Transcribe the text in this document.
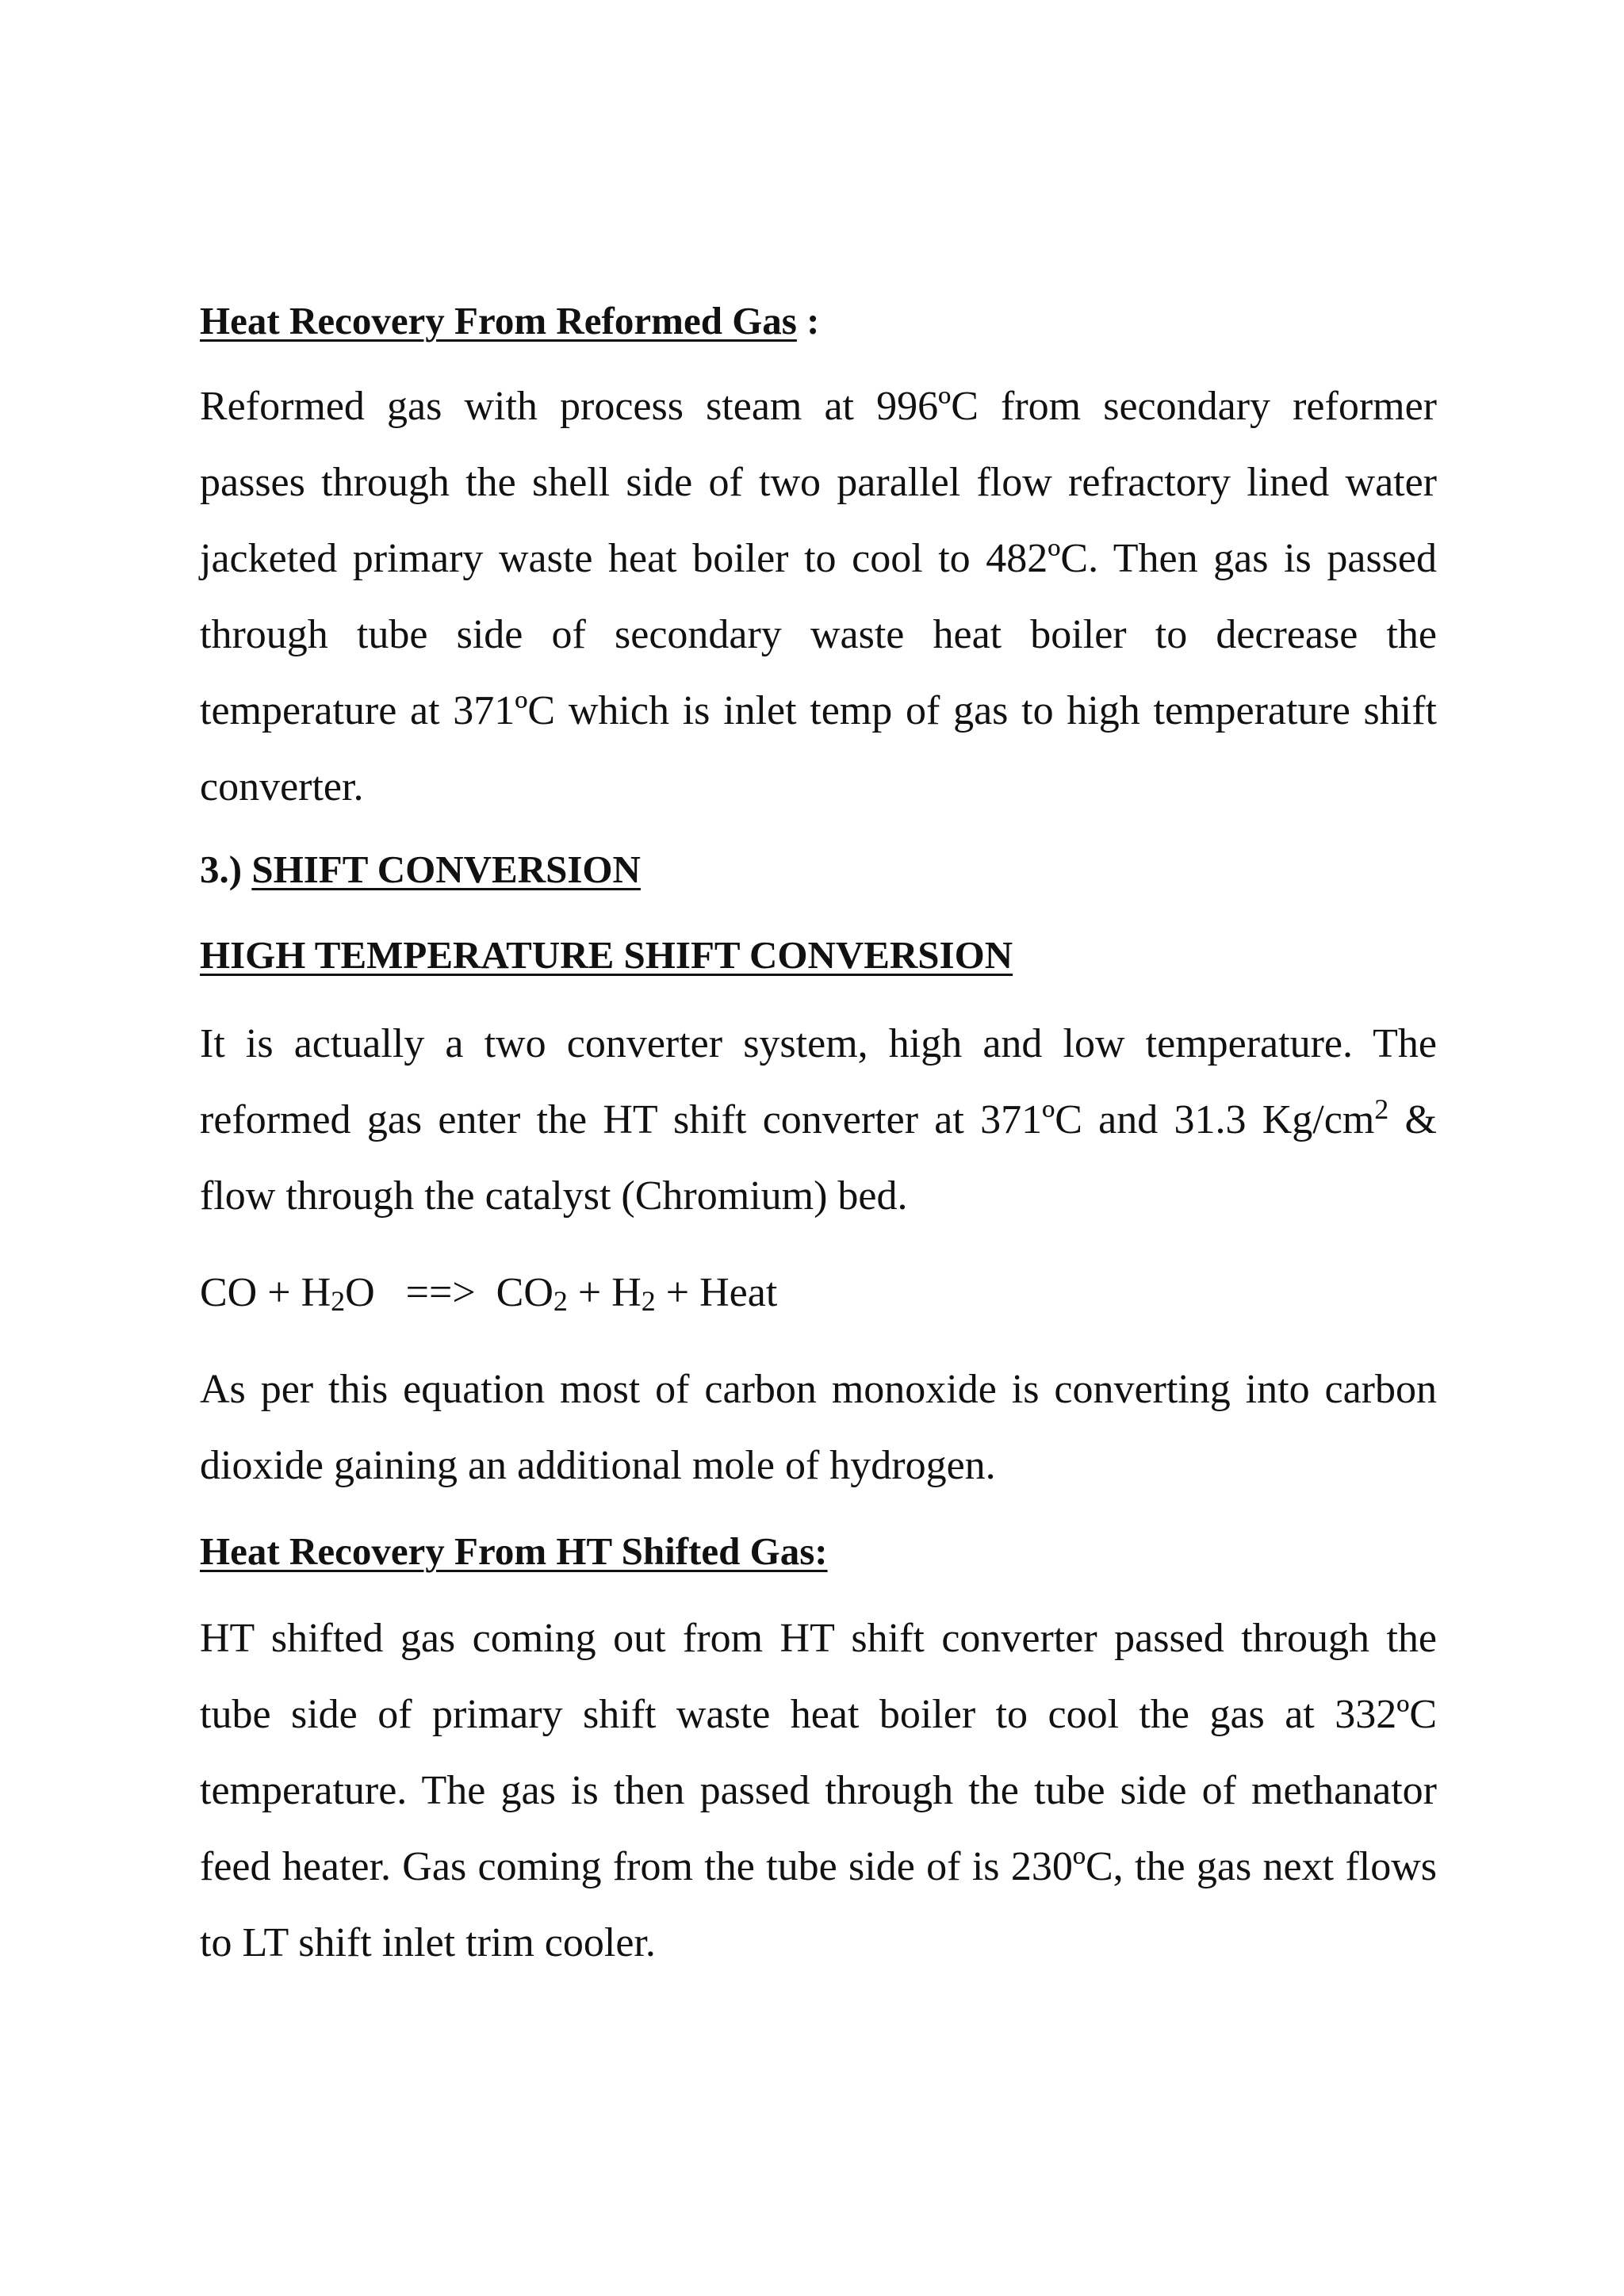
Heat Recovery From Reformed Gas :

Reformed gas with process steam at 996ºC from secondary reformer passes through the shell side of two parallel flow refractory lined water jacketed primary waste heat boiler to cool to 482ºC. Then gas is passed through tube side of secondary waste heat boiler to decrease the temperature at 371ºC which is inlet temp of gas to high temperature shift converter.

3.) SHIFT CONVERSION

HIGH TEMPERATURE SHIFT CONVERSION

It is actually a two converter system, high and low temperature. The reformed gas enter the HT shift converter at 371ºC and 31.3 $Kg/cm^2$ & flow through the catalyst (Chromium) bed.

CO + $H_2O$   ==>  $CO_2 + H_2$ + Heat

As per this equation most of carbon monoxide is converting into carbon dioxide gaining an additional mole of hydrogen.

Heat Recovery From HT Shifted Gas:

HT shifted gas coming out from HT shift converter passed through the tube side of primary shift waste heat boiler to cool the gas at 332ºC temperature. The gas is then passed through the tube side of methanator feed heater. Gas coming from the tube side of is 230ºC, the gas next flows to LT shift inlet trim cooler.
